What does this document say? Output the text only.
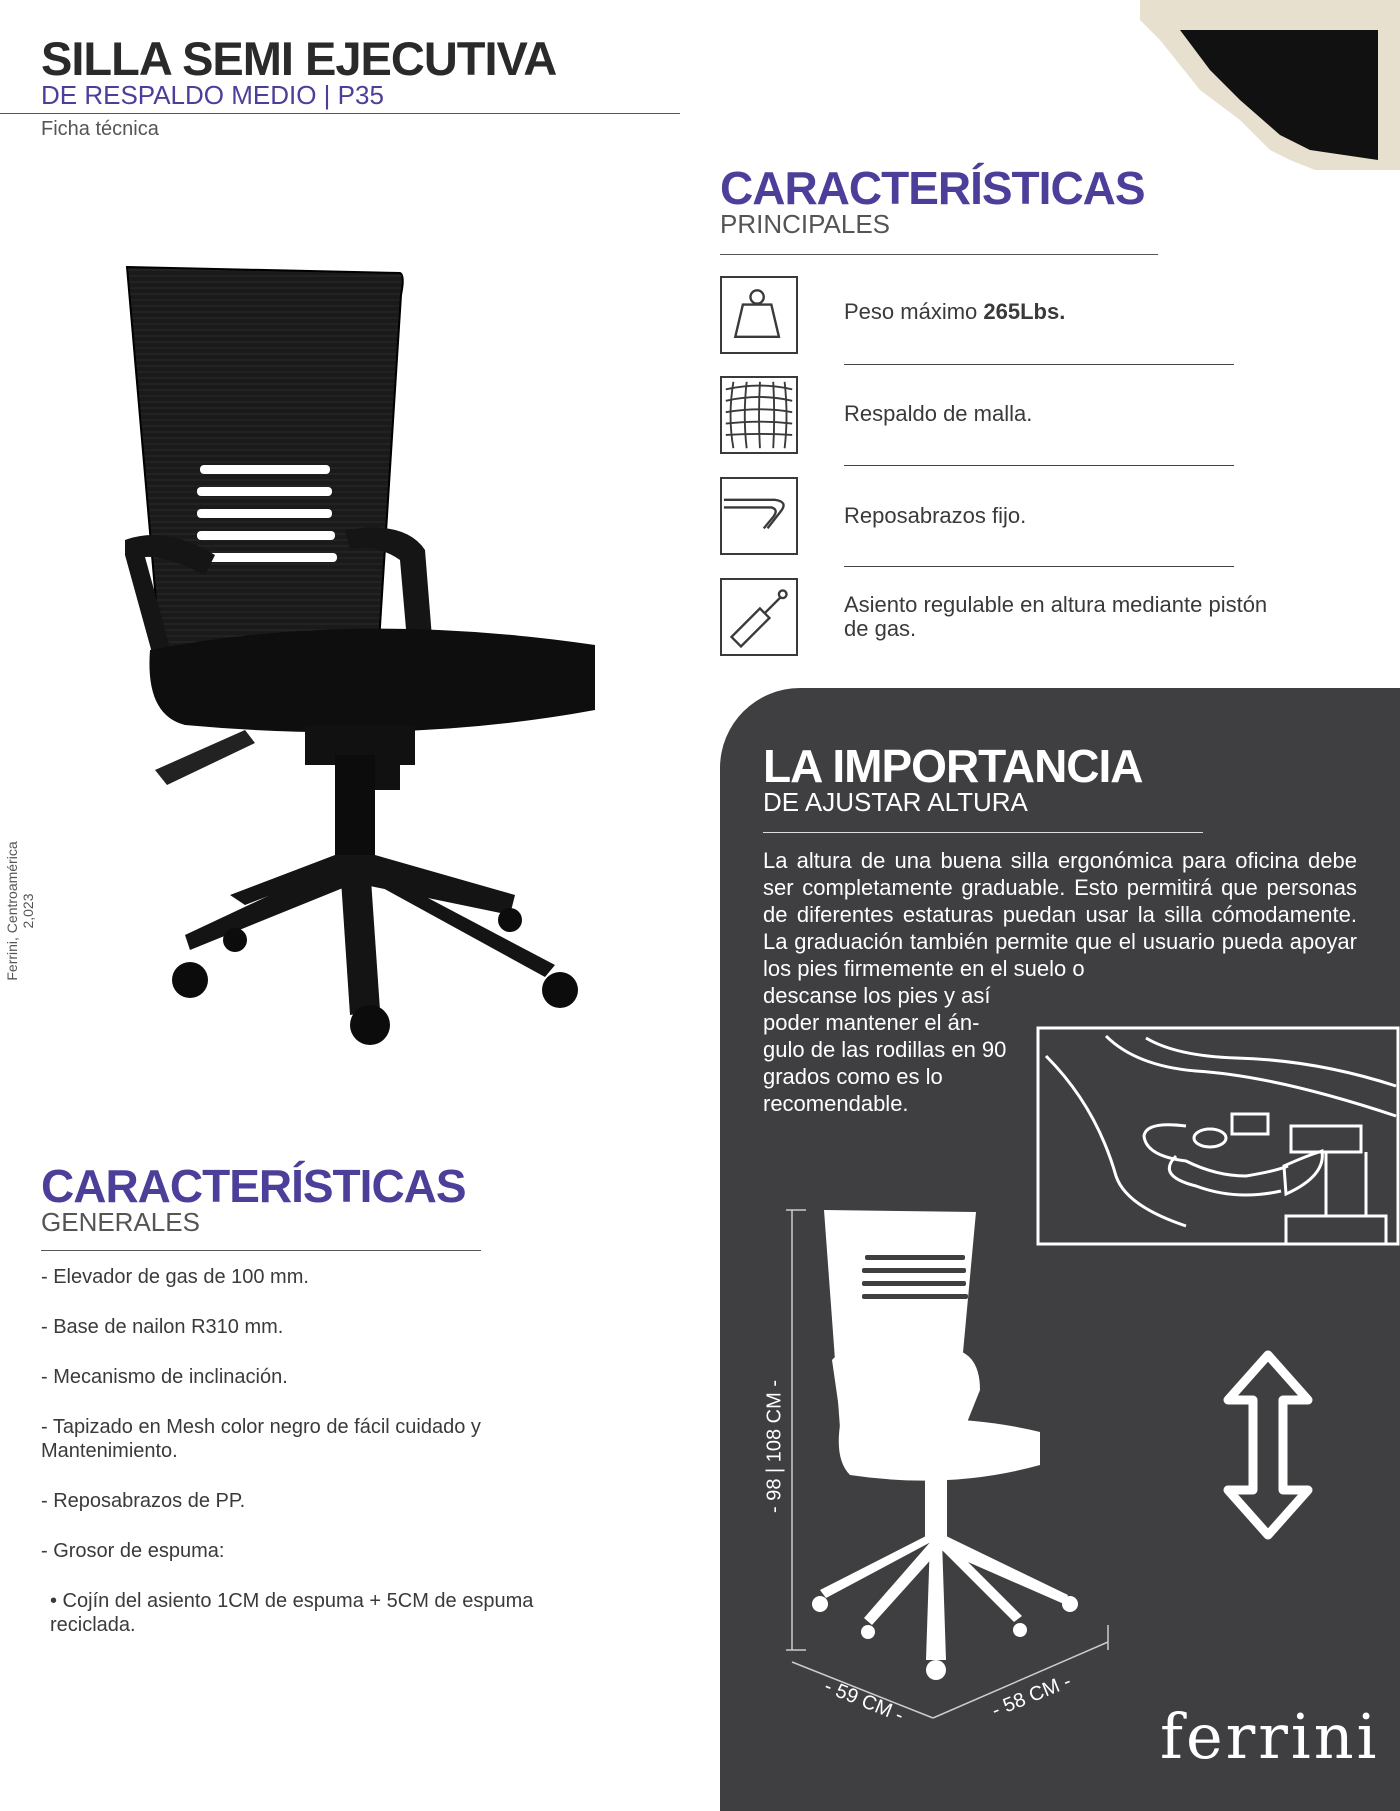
SILLA SEMI EJECUTIVA
DE RESPALDO MEDIO | P35
Ficha técnica
Ferrini, Centroamérica 2,023
CARACTERÍSTICAS
PRINCIPALES
Peso máximo 265Lbs.
Respaldo de malla.
Reposabrazos fijo.
Asiento regulable en altura mediante pistón de gas.
CARACTERÍSTICAS
GENERALES
- Elevador de gas de 100 mm.
- Base de nailon R310 mm.
- Mecanismo de inclinación.
- Tapizado en Mesh color negro de fácil cuidado y Mantenimiento.
- Reposabrazos de PP.
- Grosor de espuma:
• Cojín del asiento 1CM de espuma + 5CM de espuma reciclada.
LA IMPORTANCIA
DE AJUSTAR ALTURA
La altura de una buena silla ergonómica para oficina debe ser completamente graduable. Esto permitirá que personas de diferentes estaturas puedan usar la silla cómodamente. La graduación también permite que el usuario pueda apoyar los pies firmemente en el suelo o
descanse los pies y así poder mantener el án- gulo de las rodillas en 90 grados como es lo recomendable.
- 98 | 108 CM -
- 59 CM -	- 58 CM -
ferrini
